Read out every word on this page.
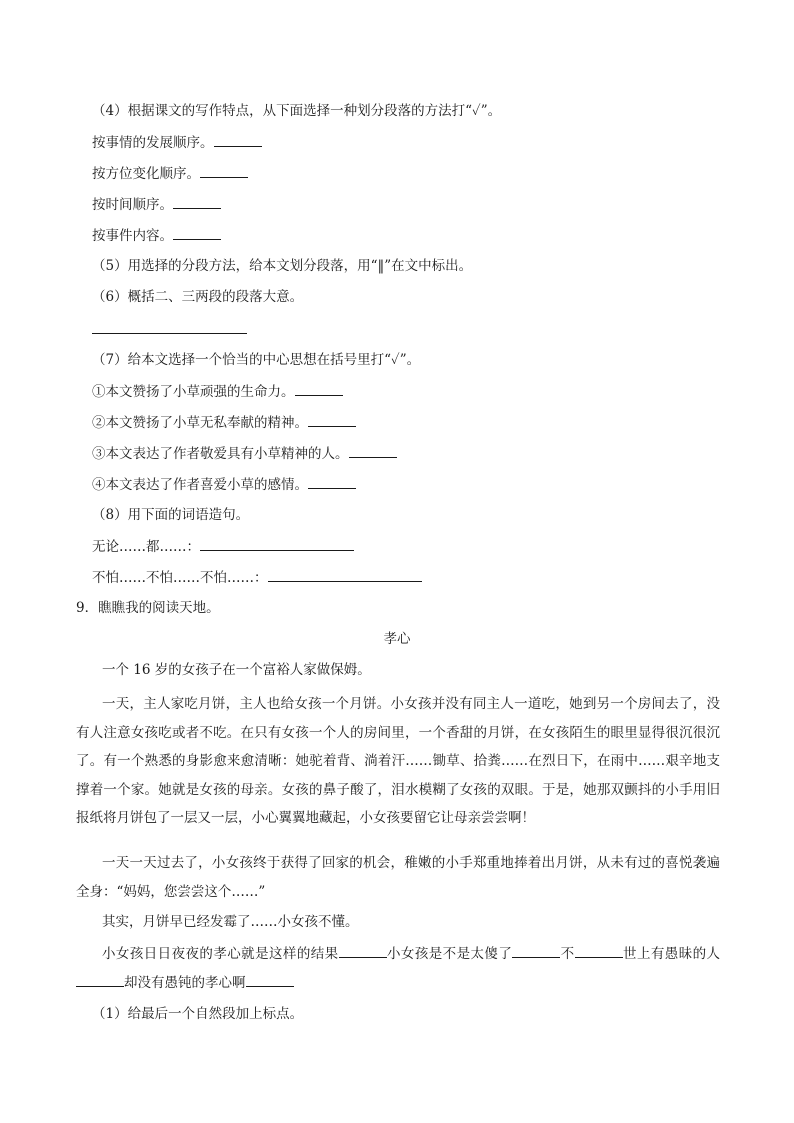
（4）根据课文的写作特点，从下面选择一种划分段落的方法打“✓”。
按事情的发展顺序。
按方位变化顺序。
按时间顺序。
按事件内容。
（5）用选择的分段方法，给本文划分段落，用“‖”在文中标出。
（6）概括二、三两段的段落大意。
（7）给本文选择一个恰当的中心思想在括号里打“✓”。
①本文赞扬了小草顽强的生命力。
②本文赞扬了小草无私奉献的精神。
③本文表达了作者敬爱具有小草精神的人。
④本文表达了作者喜爱小草的感情。
（8）用下面的词语造句。
无论……都……：
不怕……不怕……不怕……：
9．瞧瞧我的阅读天地。
孝心
一个 16 岁的女孩子在一个富裕人家做保姆。
一天，主人家吃月饼，主人也给女孩一个月饼。小女孩并没有同主人一道吃，她到另一个房间去了，没有人注意女孩吃或者不吃。在只有女孩一个人的房间里，一个香甜的月饼，在女孩陌生的眼里显得很沉很沉了。有一个熟悉的身影愈来愈清晰：她驼着背、淌着汗……锄草、拾粪……在烈日下，在雨中……艰辛地支撑着一个家。她就是女孩的母亲。女孩的鼻子酸了，泪水模糊了女孩的双眼。于是，她那双颤抖的小手用旧报纸将月饼包了一层又一层，小心翼翼地藏起，小女孩要留它让母亲尝尝啊！
一天一天过去了，小女孩终于获得了回家的机会，稚嫩的小手郑重地捧着出月饼，从未有过的喜悦袭遍全身：“妈妈，您尝尝这个……”
其实，月饼早已经发霉了……小女孩不懂。
小女孩日日夜夜的孝心就是这样的结果	小女孩是不是太傻了	不	世上有愚昧的人却没有愚钝的孝心啊
（1）给最后一个自然段加上标点。
